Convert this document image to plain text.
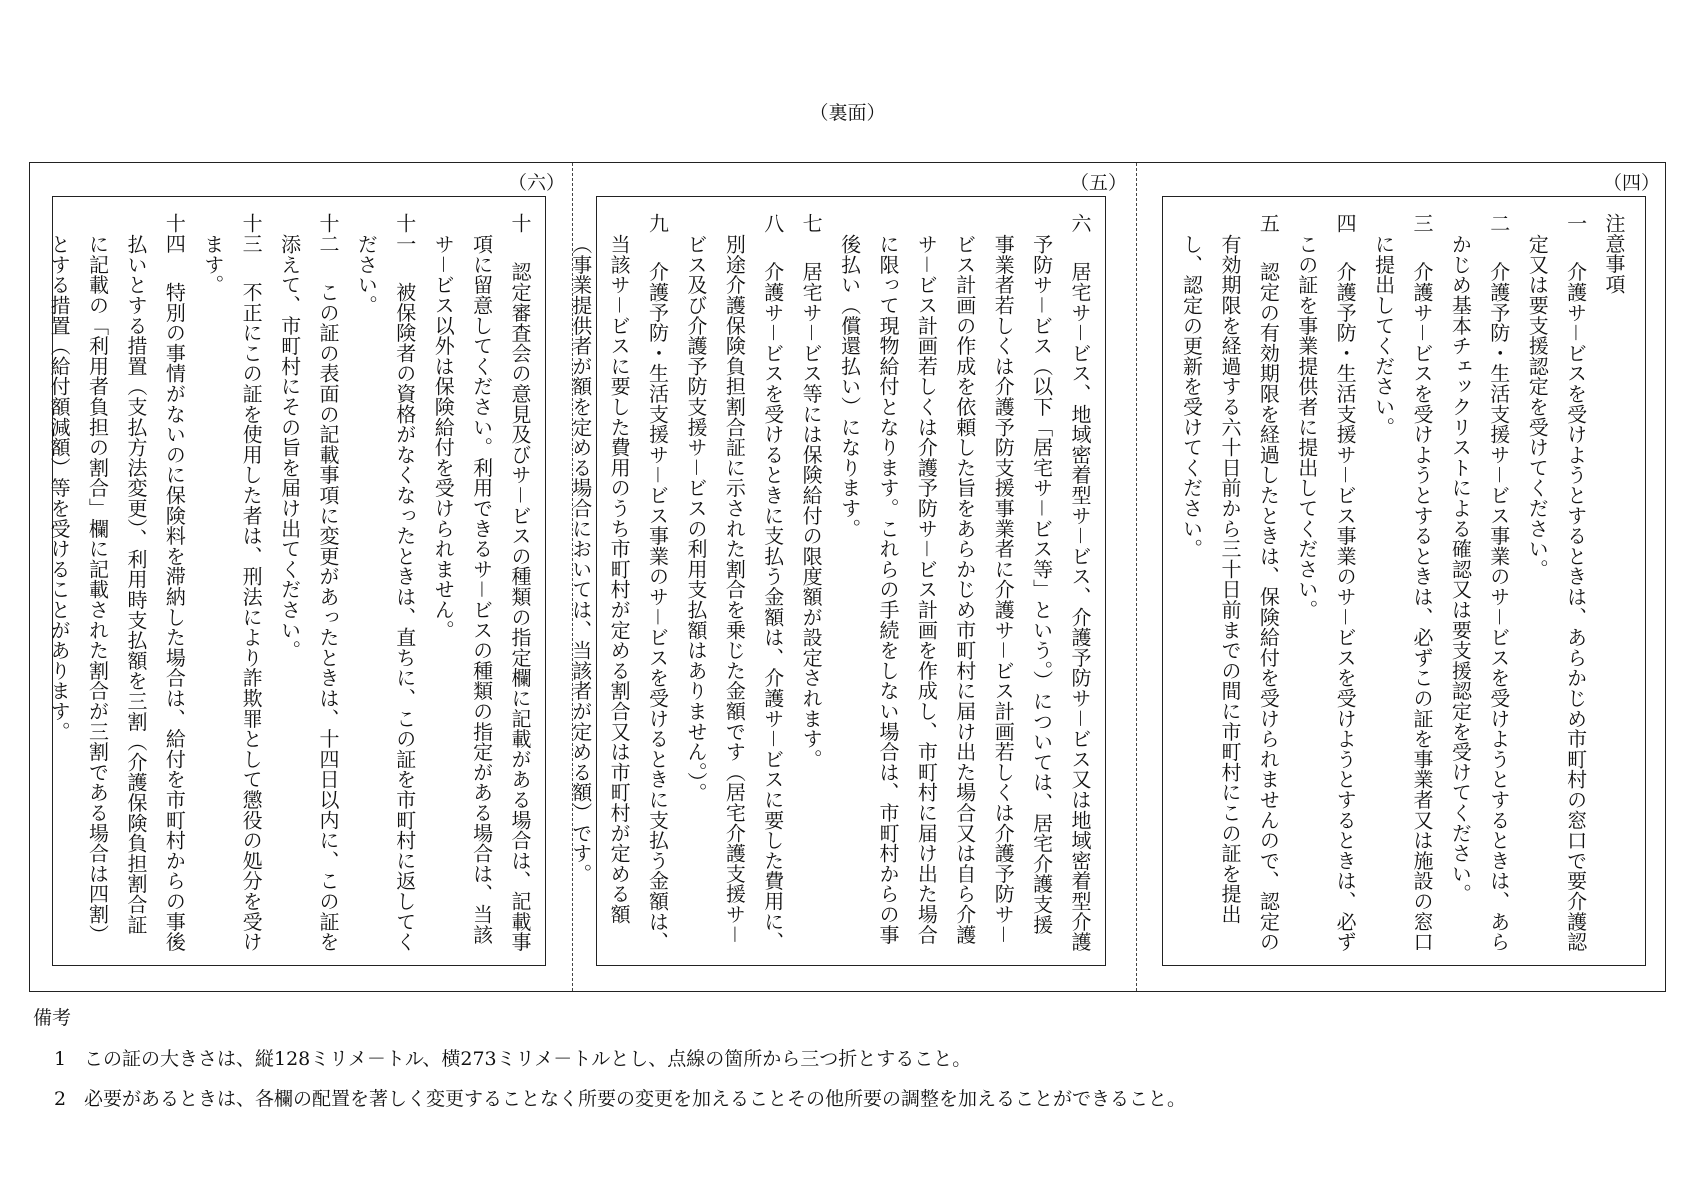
（裏面）
（六）

十　認定審査会の意見及びサ－ビスの種類の指定欄に記載がある場合は、記載事項に留意してください。利用できるサ－ビスの種類の指定がある場合は、当該サ－ビス以外は保険給付を受けられません。

十一　被保険者の資格がなくなったときは、直ちに、この証を市町村に返してください。

十二　この証の表面の記載事項に変更があったときは、十四日以内に、この証を添えて、市町村にその旨を届け出てください。

十三　不正にこの証を使用した者は、刑法により詐欺罪として懲役の処分を受けます。

十四　特別の事情がないのに保険料を滞納した場合は、給付を市町村からの事後払いとする措置（支払方法変更）、利用時支払額を三割（介護保険負担割合証に記載の「利用者負担の割合」欄に記載された割合が三割である場合は四割）とする措置（給付額減額）等を受けることがあります。

（五）

六　居宅サ－ビス、地域密着型サ－ビス、介護予防サ－ビス又は地域密着型介護予防サ－ビス（以下「居宅サ－ビス等」という。）については、居宅介護支援事業者若しくは介護予防支援事業者に介護サ－ビス計画若しくは介護予防サ－ビス計画の作成を依頼した旨をあらかじめ市町村に届け出た場合又は自ら介護サ－ビス計画若しくは介護予防サ－ビス計画を作成し、市町村に届け出た場合に限って現物給付となります。これらの手続をしない場合は、市町村からの事後払い（償還払い）になります。

七　居宅サ－ビス等には保険給付の限度額が設定されます。

八　介護サ－ビスを受けるときに支払う金額は、介護サ－ビスに要した費用に、別途介護保険負担割合証に示された割合を乗じた金額です（居宅介護支援サ－ビス及び介護予防支援サ－ビスの利用支払額はありません。）。

九　介護予防・生活支援サ－ビス事業のサ－ビスを受けるときに支払う金額は、当該サ－ビスに要した費用のうち市町村が定める割合又は市町村が定める額（事業提供者が額を定める場合においては、当該者が定める額）です。

（四）

注意事項

一　介護サ－ビスを受けようとするときは、あらかじめ市町村の窓口で要介護認定又は要支援認定を受けてください。

二　介護予防・生活支援サ－ビス事業のサ－ビスを受けようとするときは、あらかじめ基本チェックリストによる確認又は要支援認定を受けてください。

三　介護サ－ビスを受けようとするときは、必ずこの証を事業者又は施設の窓口に提出してください。

四　介護予防・生活支援サ－ビス事業のサ－ビスを受けようとするときは、必ずこの証を事業提供者に提出してください。

五　認定の有効期限を経過したときは、保険給付を受けられませんので、認定の有効期限を経過する六十日前から三十日前までの間に市町村にこの証を提出し、認定の更新を受けてください。

備考
1 この証の大きさは、縦128ミリメ－トル、横273ミリメ－トルとし、点線の箇所から三つ折とすること。
2 必要があるときは、各欄の配置を著しく変更することなく所要の変更を加えることその他所要の調整を加えることができること。
